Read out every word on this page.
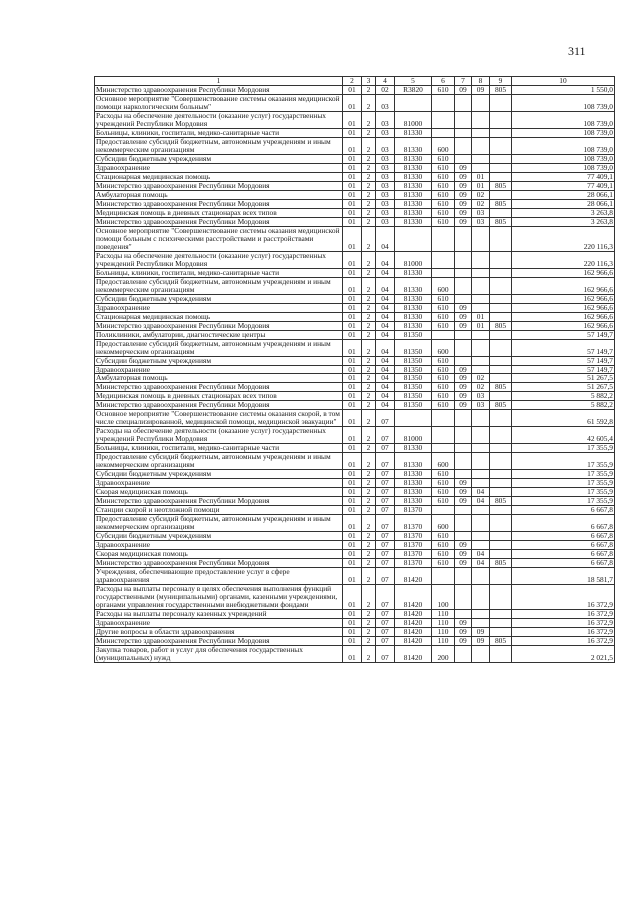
311
1	2	3	4	5	6	7	8	9	10
Министерство здравоохранения Республики Мордовия	01	2	02	R3820	610	09	09	805	1 550,0
Основное мероприятие "Совершенствование системы оказания медицинской помощи наркологическим больным"	01	2	03						108 739,0
Расходы на обеспечение деятельности (оказание услуг) государственных учреждений Республики Мордовия	01	2	03	81000					108 739,0
Больницы, клиники, госпитали, медико-санитарные части	01	2	03	81330					108 739,0
Предоставление субсидий бюджетным, автономным учреждениям и иным некоммерческим организациям	01	2	03	81330	600				108 739,0
Субсидии бюджетным учреждениям	01	2	03	81330	610				108 739,0
Здравоохранение	01	2	03	81330	610	09			108 739,0
Стационарная медицинская помощь	01	2	03	81330	610	09	01		77 409,1
Министерство здравоохранения Республики Мордовия	01	2	03	81330	610	09	01	805	77 409,1
Амбулаторная помощь	01	2	03	81330	610	09	02		28 066,1
Министерство здравоохранения Республики Мордовия	01	2	03	81330	610	09	02	805	28 066,1
Медицинская помощь в дневных стационарах всех типов	01	2	03	81330	610	09	03		3 263,8
Министерство здравоохранения Республики Мордовия	01	2	03	81330	610	09	03	805	3 263,8
Основное мероприятие "Совершенствование системы оказания медицинской помощи больным с психическими расстройствами и расстройствами поведения"	01	2	04						220 116,3
Расходы на обеспечение деятельности (оказание услуг) государственных учреждений Республики Мордовия	01	2	04	81000					220 116,3
Больницы, клиники, госпитали, медико-санитарные части	01	2	04	81330					162 966,6
Предоставление субсидий бюджетным, автономным учреждениям и иным некоммерческим организациям	01	2	04	81330	600				162 966,6
Субсидии бюджетным учреждениям	01	2	04	81330	610				162 966,6
Здравоохранение	01	2	04	81330	610	09			162 966,6
Стационарная медицинская помощь	01	2	04	81330	610	09	01		162 966,6
Министерство здравоохранения Республики Мордовия	01	2	04	81330	610	09	01	805	162 966,6
Поликлиники, амбулатории, диагностические центры	01	2	04	81350					57 149,7
Предоставление субсидий бюджетным, автономным учреждениям и иным некоммерческим организациям	01	2	04	81350	600				57 149,7
Субсидии бюджетным учреждениям	01	2	04	81350	610				57 149,7
Здравоохранение	01	2	04	81350	610	09			57 149,7
Амбулаторная помощь	01	2	04	81350	610	09	02		51 267,5
Министерство здравоохранения Республики Мордовия	01	2	04	81350	610	09	02	805	51 267,5
Медицинская помощь в дневных стационарах всех типов	01	2	04	81350	610	09	03		5 882,2
Министерство здравоохранения Республики Мордовия	01	2	04	81350	610	09	03	805	5 882,2
Основное мероприятие "Совершенствование системы оказания скорой, в том числе специализированной, медицинской помощи, медицинской эвакуации"	01	2	07						61 592,8
Расходы на обеспечение деятельности (оказание услуг) государственных учреждений Республики Мордовия	01	2	07	81000					42 605,4
Больницы, клиники, госпитали, медико-санитарные части	01	2	07	81330					17 355,9
Предоставление субсидий бюджетным, автономным учреждениям и иным некоммерческим организациям	01	2	07	81330	600				17 355,9
Субсидии бюджетным учреждениям	01	2	07	81330	610				17 355,9
Здравоохранение	01	2	07	81330	610	09			17 355,9
Скорая медицинская помощь	01	2	07	81330	610	09	04		17 355,9
Министерство здравоохранения Республики Мордовия	01	2	07	81330	610	09	04	805	17 355,9
Станции скорой и неотложной помощи	01	2	07	81370					6 667,8
Предоставление субсидий бюджетным, автономным учреждениям и иным некоммерческим организациям	01	2	07	81370	600				6 667,8
Субсидии бюджетным учреждениям	01	2	07	81370	610				6 667,8
Здравоохранение	01	2	07	81370	610	09			6 667,8
Скорая медицинская помощь	01	2	07	81370	610	09	04		6 667,8
Министерство здравоохранения Республики Мордовия	01	2	07	81370	610	09	04	805	6 667,8
Учреждения, обеспечивающие предоставление услуг в сфере здравоохранения	01	2	07	81420					18 581,7
Расходы на выплаты персоналу в целях обеспечения выполнения функций государственными (муниципальными) органами, казенными учреждениями, органами управления государственными внебюджетными фондами	01	2	07	81420	100				16 372,9
Расходы на выплаты персоналу казенных учреждений	01	2	07	81420	110				16 372,9
Здравоохранение	01	2	07	81420	110	09			16 372,9
Другие вопросы в области здравоохранения	01	2	07	81420	110	09	09		16 372,9
Министерство здравоохранения Республики Мордовия	01	2	07	81420	110	09	09	805	16 372,9
Закупка товаров, работ и услуг для обеспечения государственных (муниципальных) нужд	01	2	07	81420	200				2 021,5
